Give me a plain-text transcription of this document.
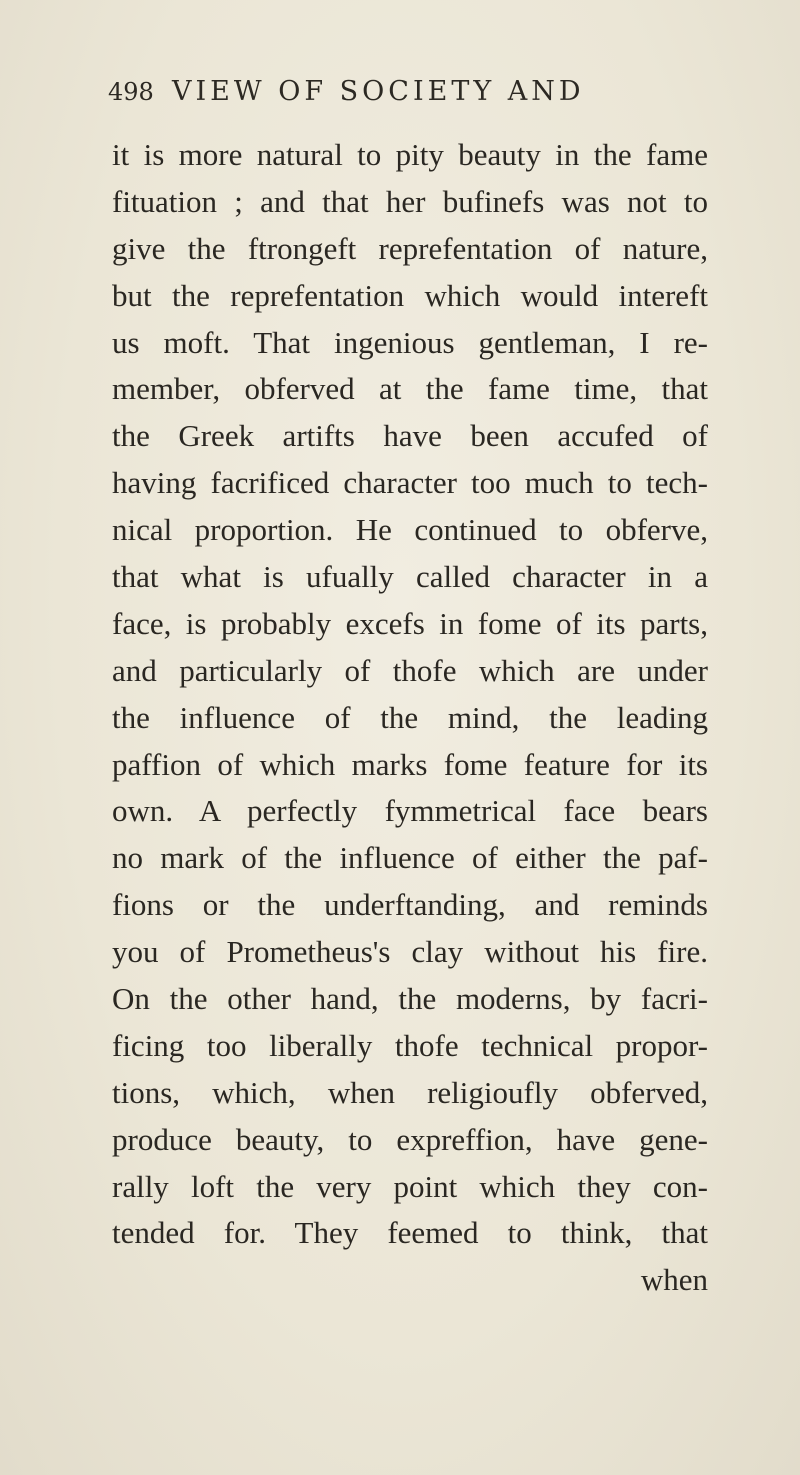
498 VIEW OF SOCIETY AND
it is more natural to pity beauty in the fame
fituation ; and that her bufinefs was not to
give the ftrongeft reprefentation of nature,
but the reprefentation which would intereft
us moft. That ingenious gentleman, I re-
member, obferved at the fame time, that
the Greek artifts have been accufed of
having facrificed character too much to tech-
nical proportion. He continued to obferve,
that what is ufually called character in a
face, is probably excefs in fome of its parts,
and particularly of thofe which are under
the influence of the mind, the leading
paffion of which marks fome feature for its
own. A perfectly fymmetrical face bears
no mark of the influence of either the paf-
fions or the underftanding, and reminds
you of Prometheus's clay without his fire.
On the other hand, the moderns, by facri-
ficing too liberally thofe technical propor-
tions, which, when religioufly obferved,
produce beauty, to expreffion, have gene-
rally loft the very point which they con-
tended for. They feemed to think, that
when
